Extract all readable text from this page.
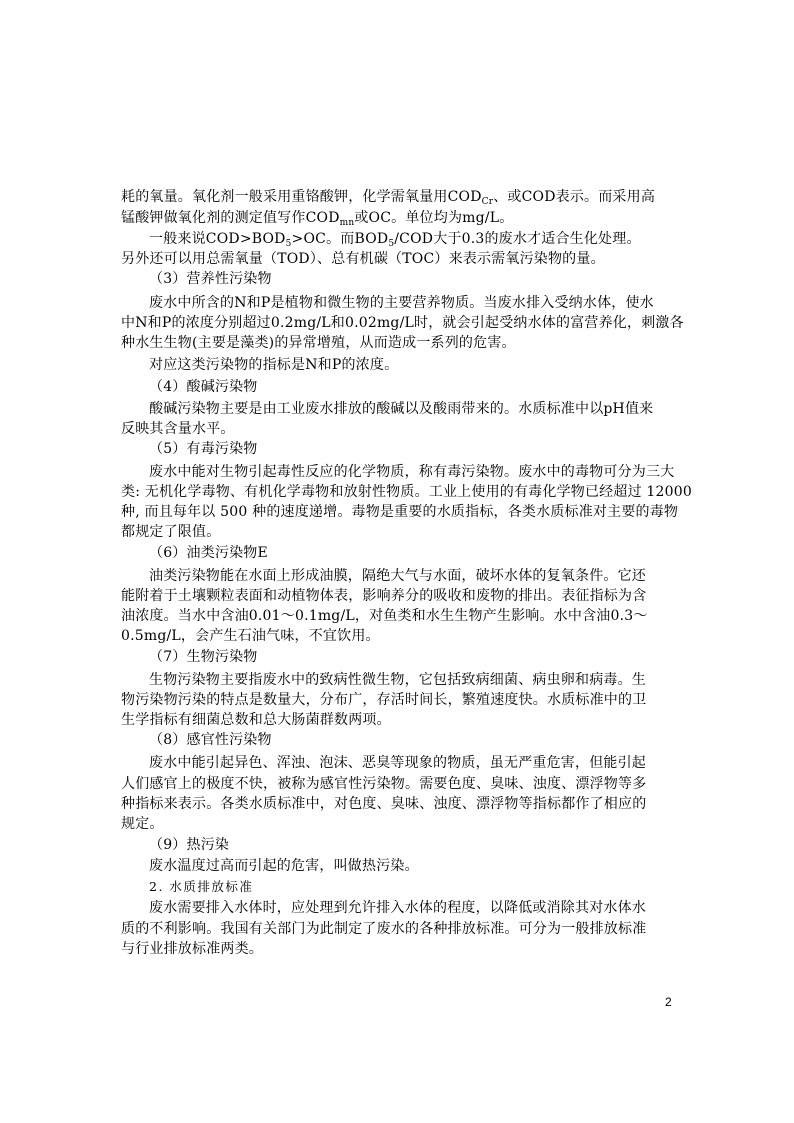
耗的氧量。氧化剂一般采用重铬酸钾，化学需氧量用$COD_{Cr}$、或COD表示。而采用高

锰酸钾做氧化剂的测定值写作$COD_{mn}$或OC。单位均为mg/L。

一般来说$COD>BOD_5>OC$。而$BOD_5$/COD大于0.3的废水才适合生化处理。

另外还可以用总需氧量（TOD）、总有机碳（TOC）来表示需氧污染物的量。

（3）营养性污染物

废水中所含的N和P是植物和微生物的主要营养物质。当废水排入受纳水体，使水

中N和P的浓度分别超过0.2mg/L和0.02mg/L时，就会引起受纳水体的富营养化，刺激各

种水生生物(主要是藻类)的异常增殖，从而造成一系列的危害。

对应这类污染物的指标是N和P的浓度。

（4）酸碱污染物

酸碱污染物主要是由工业废水排放的酸碱以及酸雨带来的。水质标准中以pH值来

反映其含量水平。

（5）有毒污染物

废水中能对生物引起毒性反应的化学物质，称有毒污染物。废水中的毒物可分为三大

类: 无机化学毒物、有机化学毒物和放射性物质。工业上使用的有毒化学物已经超过 12000

种, 而且每年以 500 种的速度递增。毒物是重要的水质指标，各类水质标准对主要的毒物

都规定了限值。

（6）油类污染物E

油类污染物能在水面上形成油膜，隔绝大气与水面，破坏水体的复氧条件。它还

能附着于土壤颗粒表面和动植物体表，影响养分的吸收和废物的排出。表征指标为含

油浓度。当水中含油0.01～0.1mg/L，对鱼类和水生生物产生影响。水中含油0.3～

0.5mg/L，会产生石油气味，不宜饮用。

（7）生物污染物

生物污染物主要指废水中的致病性微生物，它包括致病细菌、病虫卵和病毒。生

物污染物污染的特点是数量大，分布广，存活时间长，繁殖速度快。水质标准中的卫

生学指标有细菌总数和总大肠菌群数两项。

（8）感官性污染物

废水中能引起异色、浑浊、泡沫、恶臭等现象的物质，虽无严重危害，但能引起

人们感官上的极度不快，被称为感官性污染物。需要色度、臭味、浊度、漂浮物等多

种指标来表示。各类水质标准中，对色度、臭味、浊度、漂浮物等指标都作了相应的

规定。

（9）热污染

废水温度过高而引起的危害，叫做热污染。

2. 水质排放标准

废水需要排入水体时，应处理到允许排入水体的程度，以降低或消除其对水体水

质的不利影响。我国有关部门为此制定了废水的各种排放标准。可分为一般排放标准

与行业排放标准两类。

2
